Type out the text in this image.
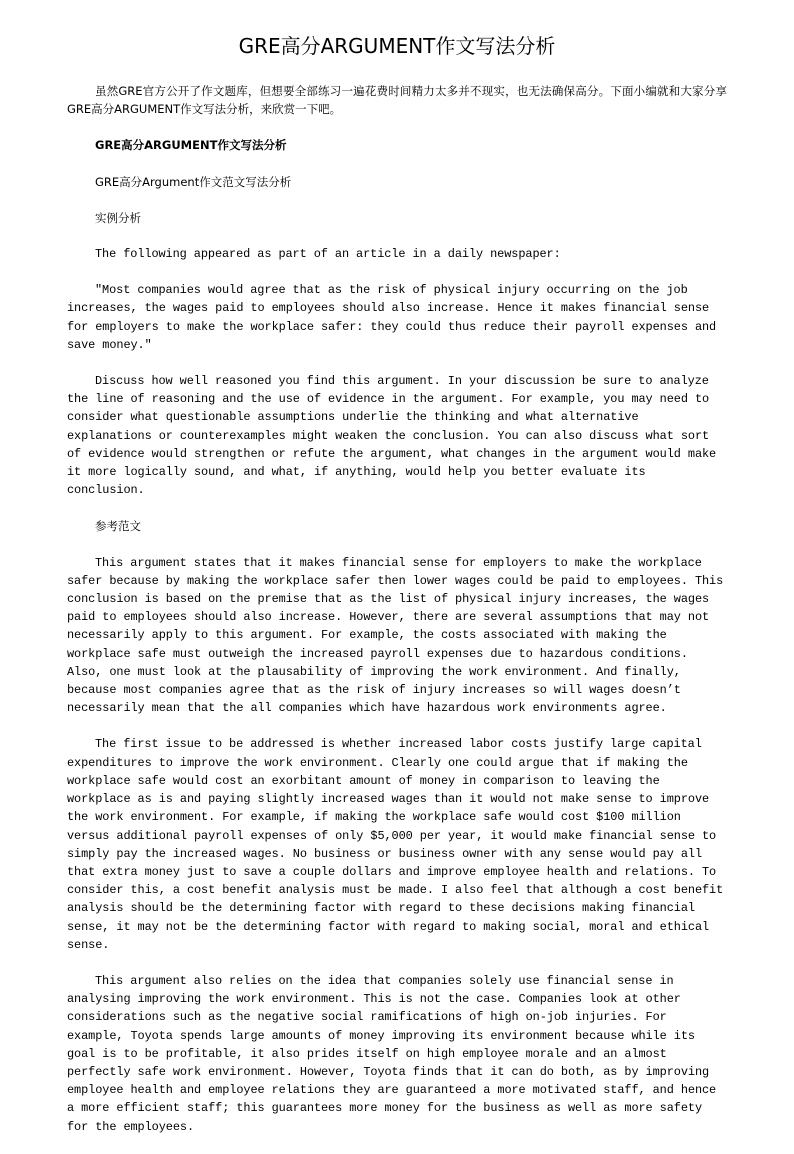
GRE高分ARGUMENT作文写法分析

虽然GRE官方公开了作文题库，但想要全部练习一遍花费时间精力太多并不现实，也无法确保高分。下面小编就和大家分享GRE高分ARGUMENT作文写法分析，来欣赏一下吧。

GRE高分ARGUMENT作文写法分析

GRE高分Argument作文范文写法分析

实例分析

The following appeared as part of an article in a daily newspaper:

"Most companies would agree that as the risk of physical injury occurring on the job increases, the wages paid to employees should also increase. Hence it makes financial sense for employers to make the workplace safer: they could thus reduce their payroll expenses and save money."

Discuss how well reasoned you find this argument. In your discussion be sure to analyze the line of reasoning and the use of evidence in the argument. For example, you may need to consider what questionable assumptions underlie the thinking and what alternative explanations or counterexamples might weaken the conclusion. You can also discuss what sort of evidence would strengthen or refute the argument, what changes in the argument would make it more logically sound, and what, if anything, would help you better evaluate its conclusion.

参考范文

This argument states that it makes financial sense for employers to make the workplace safer because by making the workplace safer then lower wages could be paid to employees. This conclusion is based on the premise that as the list of physical injury increases, the wages paid to employees should also increase. However, there are several assumptions that may not necessarily apply to this argument. For example, the costs associated with making the workplace safe must outweigh the increased payroll expenses due to hazardous conditions. Also, one must look at the plausability of improving the work environment. And finally, because most companies agree that as the risk of injury increases so will wages doesn’t necessarily mean that the all companies which have hazardous work environments agree.

The first issue to be addressed is whether increased labor costs justify large capital expenditures to improve the work environment. Clearly one could argue that if making the workplace safe would cost an exorbitant amount of money in comparison to leaving the workplace as is and paying slightly increased wages than it would not make sense to improve the work environment. For example, if making the workplace safe would cost $100 million versus additional payroll expenses of only $5,000 per year, it would make financial sense to simply pay the increased wages. No business or business owner with any sense would pay all that extra money just to save a couple dollars and improve employee health and relations. To consider this, a cost benefit analysis must be made. I also feel that although a cost benefit analysis should be the determining factor with regard to these decisions making financial sense, it may not be the determining factor with regard to making social, moral and ethical sense.

This argument also relies on the idea that companies solely use financial sense in analysing improving the work environment. This is not the case. Companies look at other considerations such as the negative social ramifications of high on-job injuries. For example, Toyota spends large amounts of money improving its environment because while its goal is to be profitable, it also prides itself on high employee morale and an almost perfectly safe work environment. However, Toyota finds that it can do both, as by improving employee health and employee relations they are guaranteed a more motivated staff, and hence a more efficient staff; this guarantees more money for the business as well as more safety for the employees.
